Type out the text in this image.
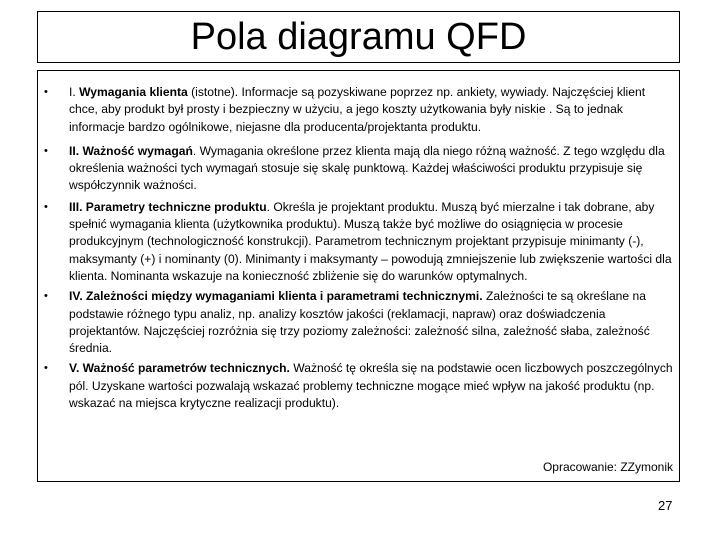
Pola diagramu QFD
• I. Wymagania klienta (istotne). Informacje są pozyskiwane poprzez np. ankiety, wywiady. Najczęściej klient chce, aby produkt był prosty i bezpieczny w użyciu, a jego koszty użytkowania były niskie . Są to jednak informacje bardzo ogólnikowe, niejasne dla producenta/projektanta produktu.
• II. Ważność wymagań. Wymagania określone przez klienta mają dla niego różną ważność. Z tego względu dla określenia ważności tych wymagań stosuje się skalę punktową. Każdej właściwości produktu przypisuje się współczynnik ważności.
• III. Parametry techniczne produktu. Określa je projektant produktu. Muszą być mierzalne i tak dobrane, aby spełnić wymagania klienta (użytkownika produktu). Muszą także być możliwe do osiągnięcia w procesie produkcyjnym (technologiczność konstrukcji). Parametrom technicznym projektant przypisuje minimanty (-), maksymanty (+) i nominanty (0). Minimanty i maksymanty – powodują zmniejszenie lub zwiększenie wartości dla klienta. Nominanta wskazuje na konieczność zbliżenie się do warunków optymalnych.
• IV. Zależności między wymaganiami klienta i parametrami technicznymi. Zależności te są określane na podstawie różnego typu analiz, np. analizy kosztów jakości (reklamacji, napraw) oraz doświadczenia projektantów. Najczęściej rozróżnia się trzy poziomy zależności: zależność silna, zależność słaba, zależność średnia.
• V. Ważność parametrów technicznych. Ważność tę określa się na podstawie ocen liczbowych poszczególnych pól. Uzyskane wartości pozwalają wskazać problemy techniczne mogące mieć wpływ na jakość produktu (np. wskazać na miejsca krytyczne realizacji produktu).
Opracowanie: ZZymonik
27
